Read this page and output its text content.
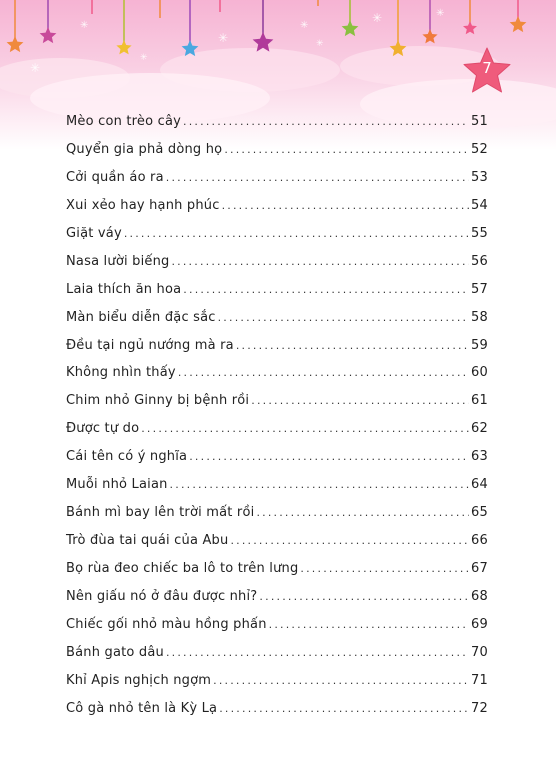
✳
✳
✳
✳
✳	✳
✳
✳
7
Mèo con trèo cây .....	51
Quyển gia phả dòng họ .....	52
Cởi quần áo ra .....	53
Xui xẻo hay hạnh phúc .....	54
Giặt váy .....	55
Nasa lười biếng .....	56
Laia thích ăn hoa .....	57
Màn biểu diễn đặc sắc .....	58
Đều tại ngủ nướng mà ra .....	59
Không nhìn thấy .....	60
Chim nhỏ Ginny bị bệnh rồi .....	61
Được tự do .....	62
Cái tên có ý nghĩa .....	63
Muỗi nhỏ Laian .....	64
Bánh mì bay lên trời mất rồi .....	65
Trò đùa tai quái của Abu .....	66
Bọ rùa đeo chiếc ba lô to trên lưng .....	67
Nên giấu nó ở đâu được nhỉ? .....	68
Chiếc gối nhỏ màu hồng phấn .....	69
Bánh gato dâu .....	70
Khỉ Apis nghịch ngợm .....	71
Cô gà nhỏ tên là Kỳ Lạ .....	72
